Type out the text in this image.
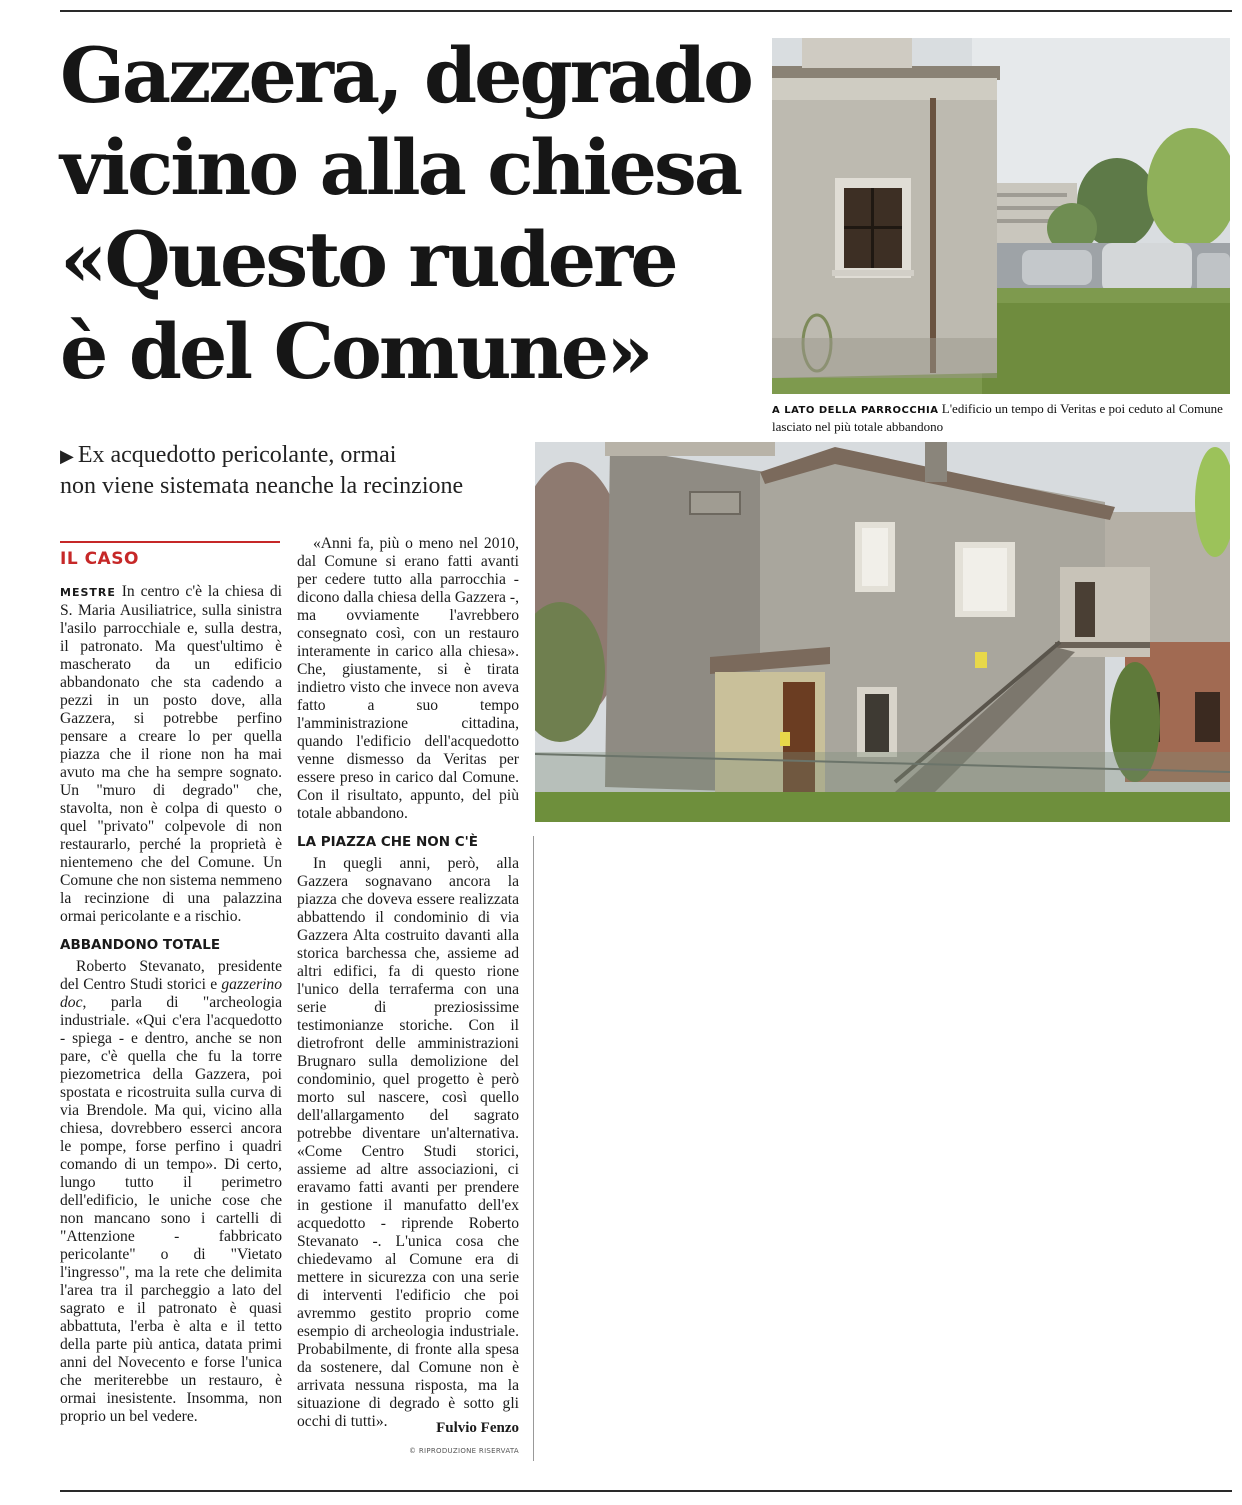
Gazzera, degrado
vicino alla chiesa
«Questo rudere
è del Comune»
▶ Ex acquedotto pericolante, ormai
non viene sistemata neanche la recinzione
A LATO DELLA PARROCCHIA L'edificio un tempo di Veritas e poi ceduto al Comune lasciato nel più totale abbandono
IL CASO

MESTRE In centro c'è la chiesa di S. Maria Ausiliatrice, sulla sinistra l'asilo parrocchiale e, sulla destra, il patronato. Ma quest'ultimo è mascherato da un edificio abbandonato che sta cadendo a pezzi in un posto dove, alla Gazzera, si potrebbe perfino pensare a creare lo per quella piazza che il rione non ha mai avuto ma che ha sempre sognato. Un "muro di degrado" che, stavolta, non è colpa di questo o quel "privato" colpevole di non restaurarlo, perché la proprietà è nientemeno che del Comune. Un Comune che non sistema nemmeno la recinzione di una palazzina ormai pericolante e a rischio.

ABBANDONO TOTALE

Roberto Stevanato, presidente del Centro Studi storici e gazzerino doc, parla di "archeologia industriale. «Qui c'era l'acquedotto - spiega - e dentro, anche se non pare, c'è quella che fu la torre piezometrica della Gazzera, poi spostata e ricostruita sulla curva di via Brendole. Ma qui, vicino alla chiesa, dovrebbero esserci ancora le pompe, forse perfino i quadri comando di un tempo». Di certo, lungo tutto il perimetro dell'edificio, le uniche cose che non mancano sono i cartelli di "Attenzione - fabbricato pericolante" o di "Vietato l'ingresso", ma la rete che delimita l'area tra il parcheggio a lato del sagrato e il patronato è quasi abbattuta, l'erba è alta e il tetto della parte più antica, datata primi anni del Novecento e forse l'unica che meriterebbe un restauro, è ormai inesistente. Insomma, non proprio un bel vedere.

«Anni fa, più o meno nel 2010, dal Comune si erano fatti avanti per cedere tutto alla parrocchia - dicono dalla chiesa della Gazzera -, ma ovviamente l'avrebbero consegnato così, con un restauro interamente in carico alla chiesa». Che, giustamente, si è tirata indietro visto che invece non aveva fatto a suo tempo l'amministrazione cittadina, quando l'edificio dell'acquedotto venne dismesso da Veritas per essere preso in carico dal Comune. Con il risultato, appunto, del più totale abbandono.

LA PIAZZA CHE NON C'È

In quegli anni, però, alla Gazzera sognavano ancora la piazza che doveva essere realizzata abbattendo il condominio di via Gazzera Alta costruito davanti alla storica barchessa che, assieme ad altri edifici, fa di questo rione l'unico della terraferma con una serie di preziosissime testimonianze storiche. Con il dietrofront delle amministrazioni Brugnaro sulla demolizione del condominio, quel progetto è però morto sul nascere, così quello dell'allargamento del sagrato potrebbe diventare un'alternativa. «Come Centro Studi storici, assieme ad altre associazioni, ci eravamo fatti avanti per prendere in gestione il manufatto dell'ex acquedotto - riprende Roberto Stevanato -. L'unica cosa che chiedevamo al Comune era di mettere in sicurezza con una serie di interventi l'edificio che poi avremmo gestito proprio come esempio di archeologia industriale. Probabilmente, di fronte alla spesa da sostenere, dal Comune non è arrivata nessuna risposta, ma la situazione di degrado è sotto gli occhi di tutti».	Fulvio Fenzo
© RIPRODUZIONE RISERVATA
